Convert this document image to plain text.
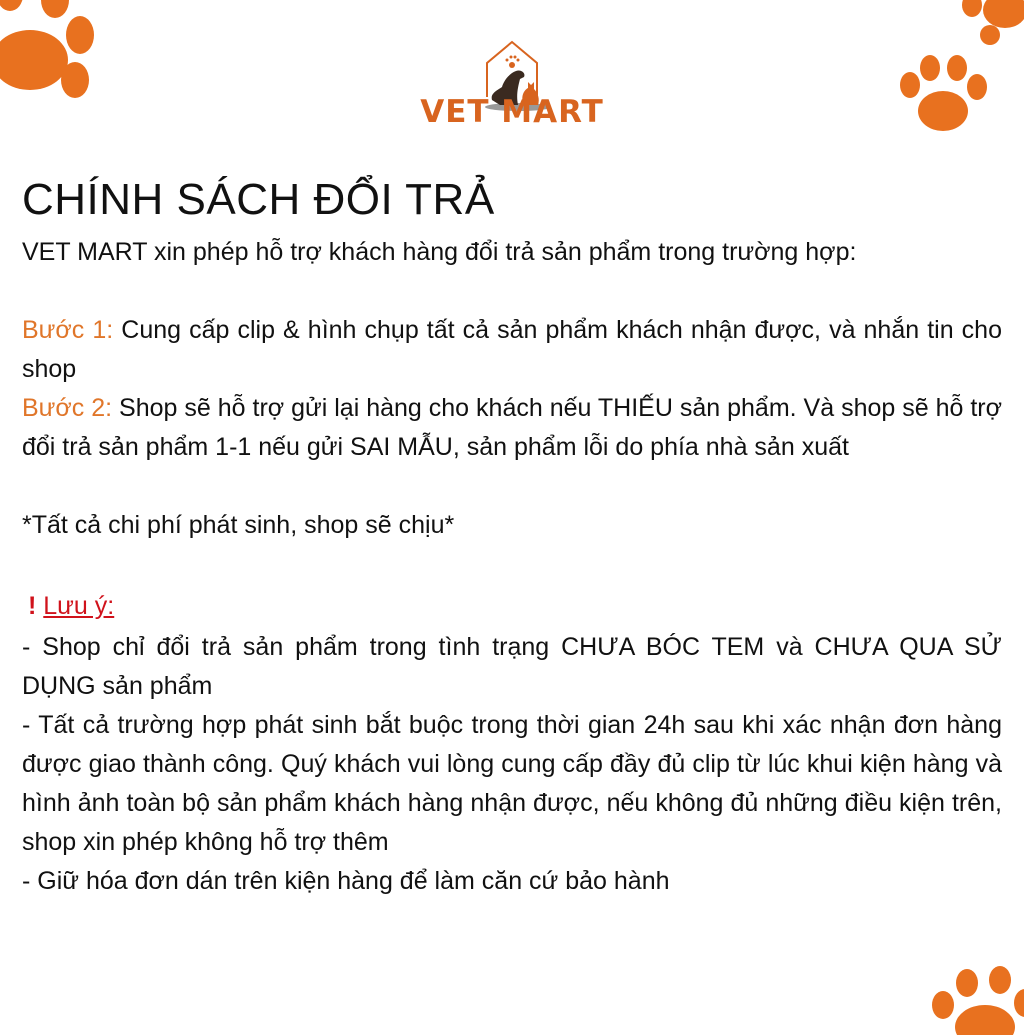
VET MART
CHÍNH SÁCH ĐỔI TRẢ
VET MART xin phép hỗ trợ khách hàng đổi trả sản phẩm trong trường hợp:
Bước 1: Cung cấp clip & hình chụp tất cả sản phẩm khách nhận được, và nhắn tin cho shop
Bước 2: Shop sẽ hỗ trợ gửi lại hàng cho khách nếu THIẾU sản phẩm. Và shop sẽ hỗ trợ đổi trả sản phẩm 1-1 nếu gửi SAI MẪU, sản phẩm lỗi do phía nhà sản xuất
*Tất cả chi phí phát sinh, shop sẽ chịu*
! Lưu ý:
- Shop chỉ đổi trả sản phẩm trong tình trạng CHƯA BÓC TEM và CHƯA QUA SỬ DỤNG sản phẩm
- Tất cả trường hợp phát sinh bắt buộc trong thời gian 24h sau khi xác nhận đơn hàng được giao thành công. Quý khách vui lòng cung cấp đầy đủ clip từ lúc khui kiện hàng và hình ảnh toàn bộ sản phẩm khách hàng nhận được, nếu không đủ những điều kiện trên, shop xin phép không hỗ trợ thêm
- Giữ hóa đơn dán trên kiện hàng để làm căn cứ bảo hành
